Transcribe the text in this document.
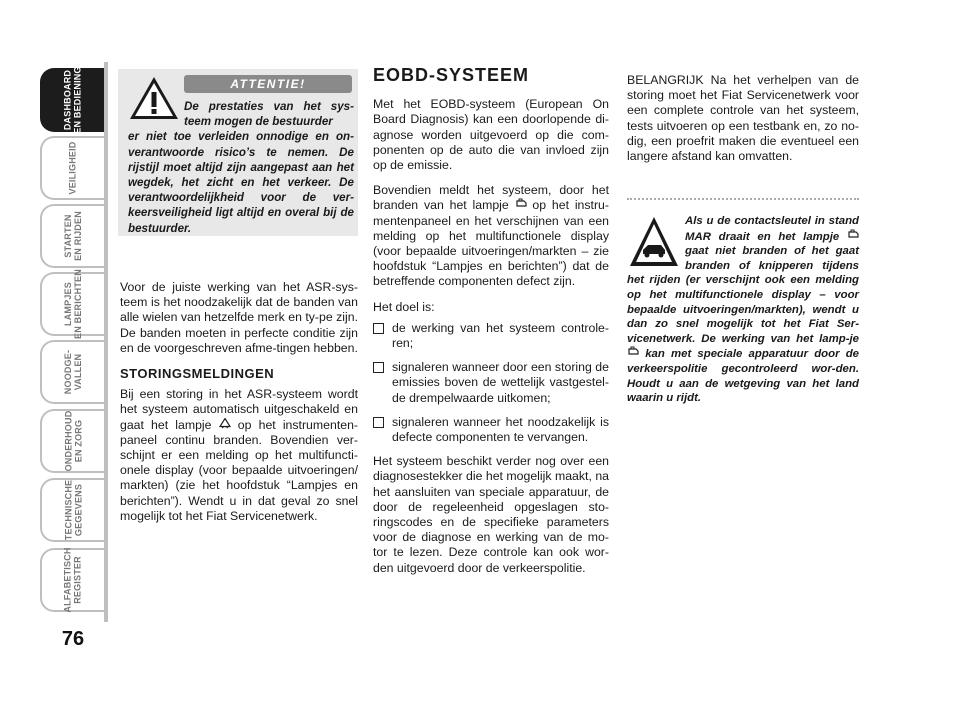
DASHBOARD
EN BEDIENING
VEILIGHEID
STARTEN
EN RIJDEN
LAMPJES
EN BERICHTEN
NOODGE-
VALLEN
ONDERHOUD
EN ZORG
TECHNISCHE
GEGEVENS
ALFABETISCH
REGISTER
76
ATTENTIE!
De prestaties van het sys-teem mogen de bestuurder
er niet toe verleiden onnodige en on-verantwoorde risico’s te nemen. De rijstijl moet altijd zijn aangepast aan het wegdek, het zicht en het verkeer. De verantwoordelijkheid voor de ver-keersveiligheid ligt altijd en overal bij de bestuurder.

Voor de juiste werking van het ASR-sys-teem is het noodzakelijk dat de banden van alle wielen van hetzelfde merk en ty-pe zijn. De banden moeten in perfecte conditie zijn en de voorgeschreven afme-tingen hebben.

STORINGSMELDINGEN

Bij een storing in het ASR-systeem wordt het systeem automatisch uitgeschakeld en gaat het lampje op het instrumenten-paneel continu branden. Bovendien ver-schijnt er een melding op het multifuncti-onele display (voor bepaalde uitvoeringen/ markten) (zie het hoofdstuk “Lampjes en berichten”). Wendt u in dat geval zo snel mogelijk tot het Fiat Servicenetwerk.

EOBD-SYSTEEM

Met het EOBD-systeem (European On Board Diagnosis) kan een doorlopende di-agnose worden uitgevoerd op die com-ponenten op de auto die van invloed zijn op de emissie.

Bovendien meldt het systeem, door het branden van het lampje op het instru-mentenpaneel en het verschijnen van een melding op het multifunctionele display (voor bepaalde uitvoeringen/markten – zie hoofdstuk “Lampjes en berichten”) dat de betreffende componenten defect zijn.

Het doel is:

de werking van het systeem controle-ren;
signaleren wanneer door een storing de emissies boven de wettelijk vastgestel-de drempelwaarde uitkomen;
signaleren wanneer het noodzakelijk is defecte componenten te vervangen.

Het systeem beschikt verder nog over een diagnosestekker die het mogelijk maakt, na het aansluiten van speciale apparatuur, de door de regeleenheid opgeslagen sto-ringscodes en de specifieke parameters voor de diagnose en werking van de mo-tor te lezen. Deze controle kan ook wor-den uitgevoerd door de verkeerspolitie.

BELANGRIJK Na het verhelpen van de storing moet het Fiat Servicenetwerk voor een complete controle van het systeem, tests uitvoeren op een testbank en, zo no-dig, een proefrit maken die eventueel een langere afstand kan omvatten.

Als u de contactsleutel in stand MAR draait en het lampje  gaat niet branden of het gaat branden of knipperen tijdens het rijden (er verschijnt ook een melding op het multifunctionele display – voor bepaalde uitvoeringen/markten), wendt u dan zo snel mogelijk tot het Fiat Ser-vicenetwerk. De werking van het lamp-je  kan met speciale apparatuur door de verkeerspolitie gecontroleerd wor-den. Houdt u aan de wetgeving van het land waarin u rijdt.
